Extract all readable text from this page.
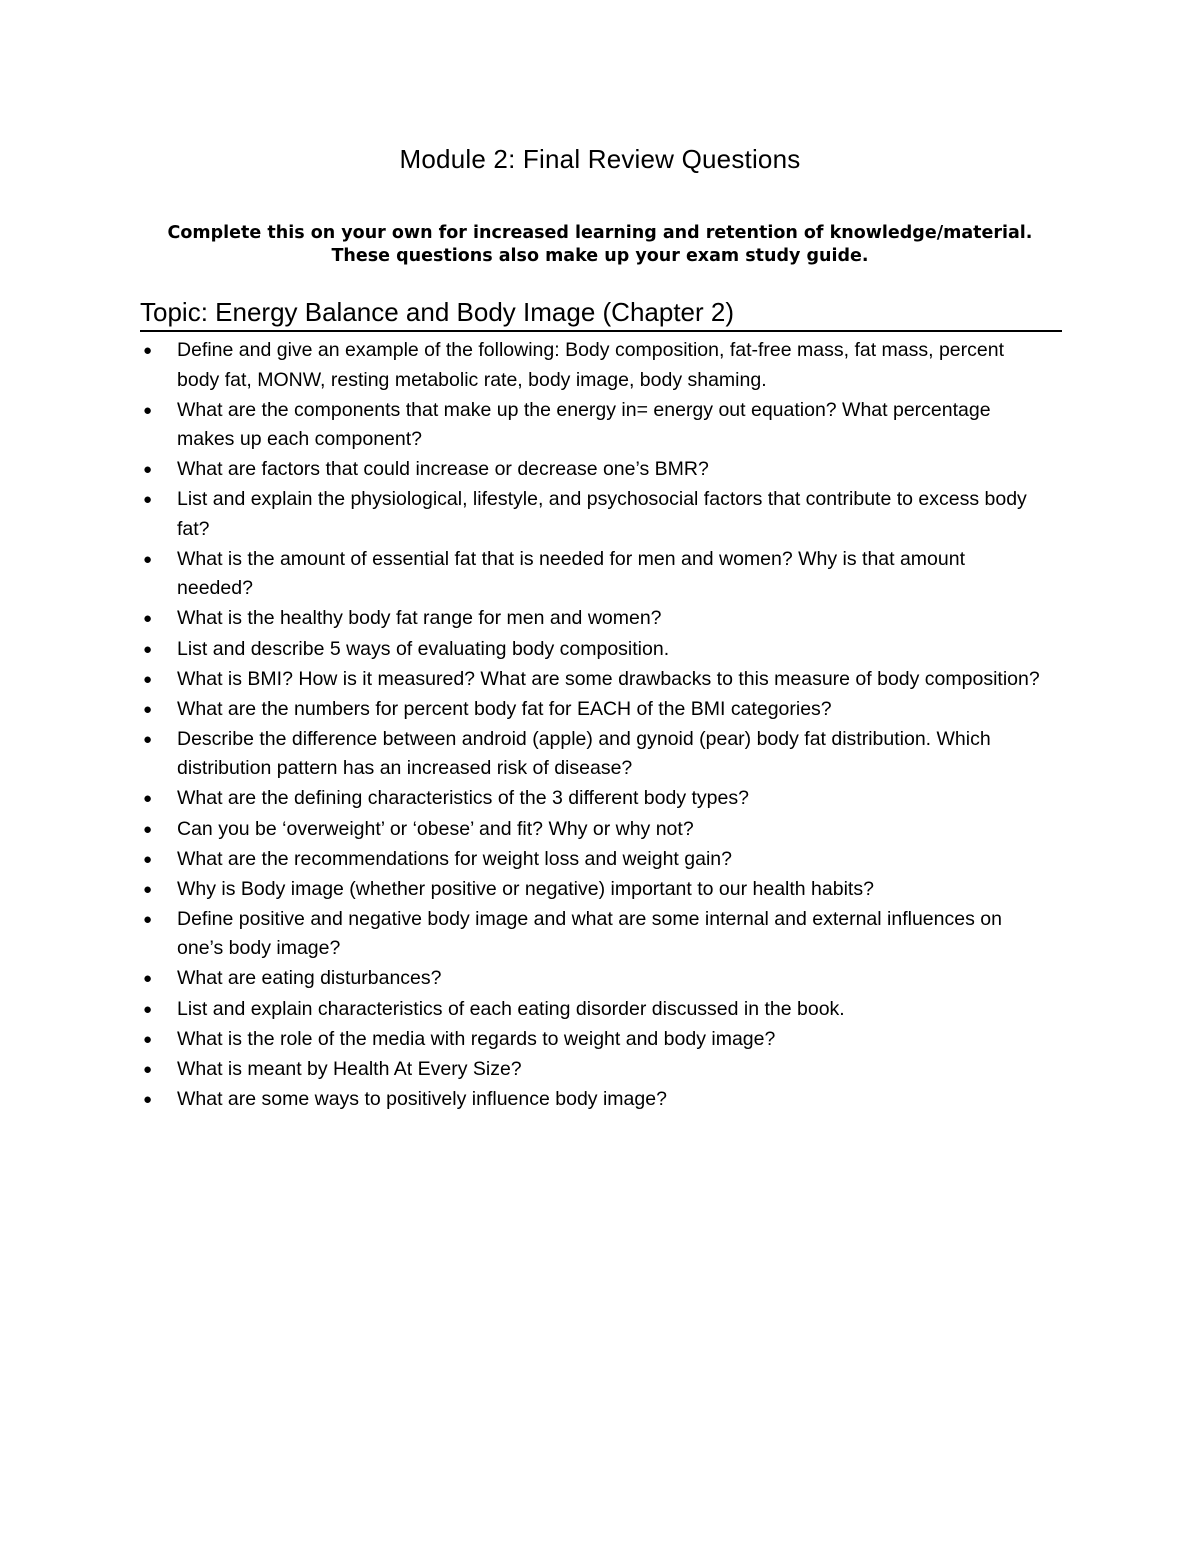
Module 2: Final Review Questions

Complete this on your own for increased learning and retention of knowledge/material.
These questions also make up your exam study guide.

Topic: Energy Balance and Body Image (Chapter 2)
● Define and give an example of the following: Body composition, fat-free mass, fat mass, percent body fat, MONW, resting metabolic rate, body image, body shaming.
● What are the components that make up the energy in= energy out equation? What percentage makes up each component?
● What are factors that could increase or decrease one’s BMR?
● List and explain the physiological, lifestyle, and psychosocial factors that contribute to excess body fat?
● What is the amount of essential fat that is needed for men and women? Why is that amount needed?
● What is the healthy body fat range for men and women?
● List and describe 5 ways of evaluating body composition.
● What is BMI? How is it measured? What are some drawbacks to this measure of body composition?
● What are the numbers for percent body fat for EACH of the BMI categories?
● Describe the difference between android (apple) and gynoid (pear) body fat distribution. Which distribution pattern has an increased risk of disease?
● What are the defining characteristics of the 3 different body types?
● Can you be ‘overweight’ or ‘obese’ and fit? Why or why not?
● What are the recommendations for weight loss and weight gain?
● Why is Body image (whether positive or negative) important to our health habits?
● Define positive and negative body image and what are some internal and external influences on one’s body image?
● What are eating disturbances?
● List and explain characteristics of each eating disorder discussed in the book.
● What is the role of the media with regards to weight and body image?
● What is meant by Health At Every Size?
● What are some ways to positively influence body image?
